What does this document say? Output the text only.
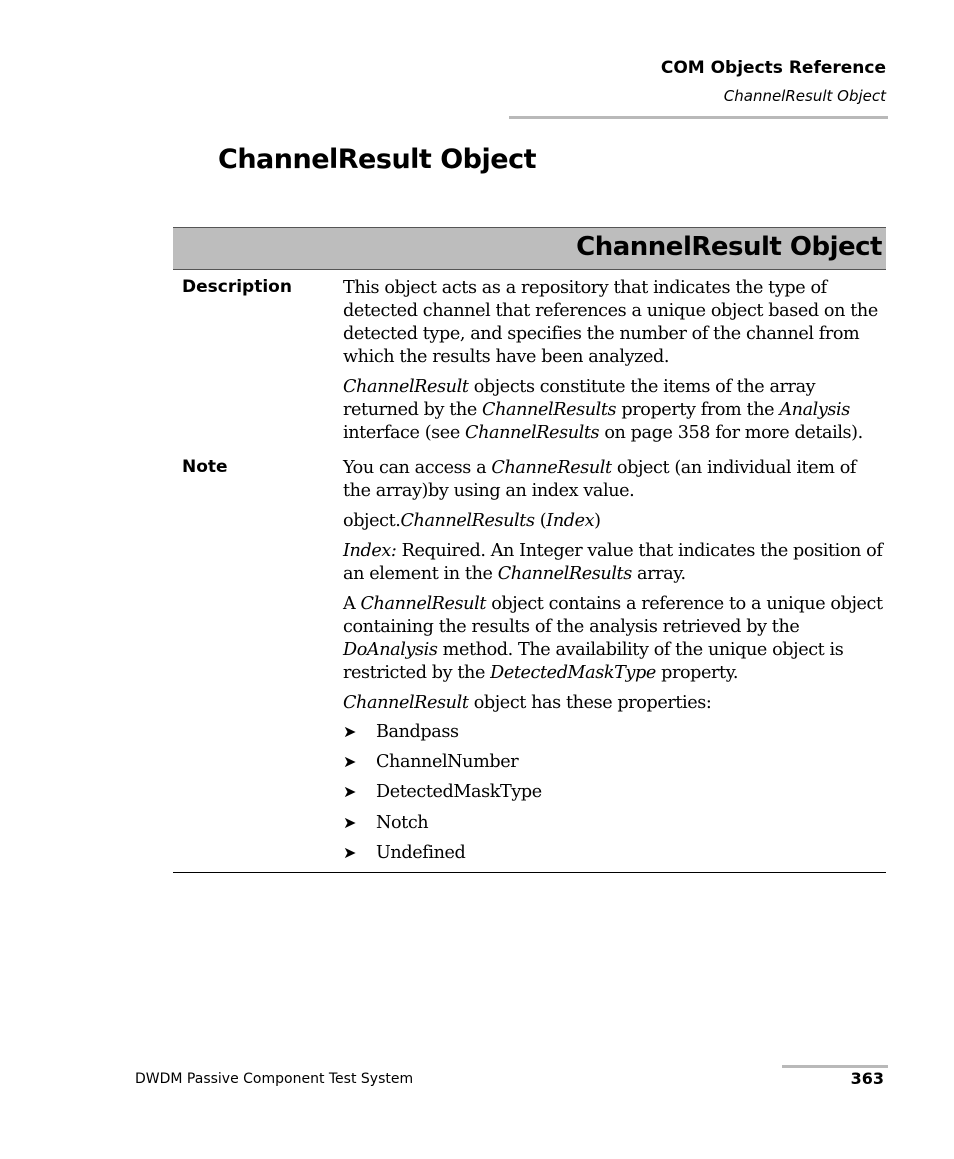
COM Objects Reference
ChannelResult Object
ChannelResult Object
ChannelResult Object
Description	This object acts as a repository that indicates the type of detected channel that references a unique object based on the detected type, and specifies the number of the channel from which the results have been analyzed.
ChannelResult objects constitute the items of the array returned by the ChannelResults property from the Analysis interface (see ChannelResults on page 358 for more details).
Note	You can access a ChanneResult object (an individual item of the array)by using an index value.
object.ChannelResults (Index)
Index: Required. An Integer value that indicates the position of an element in the ChannelResults array.
A ChannelResult object contains a reference to a unique object containing the results of the analysis retrieved by the DoAnalysis method. The availability of the unique object is restricted by the DetectedMaskType property.
ChannelResult object has these properties:
➤ Bandpass
➤ ChannelNumber
➤ DetectedMaskType
➤ Notch
➤ Undefined
DWDM Passive Component Test System	363
